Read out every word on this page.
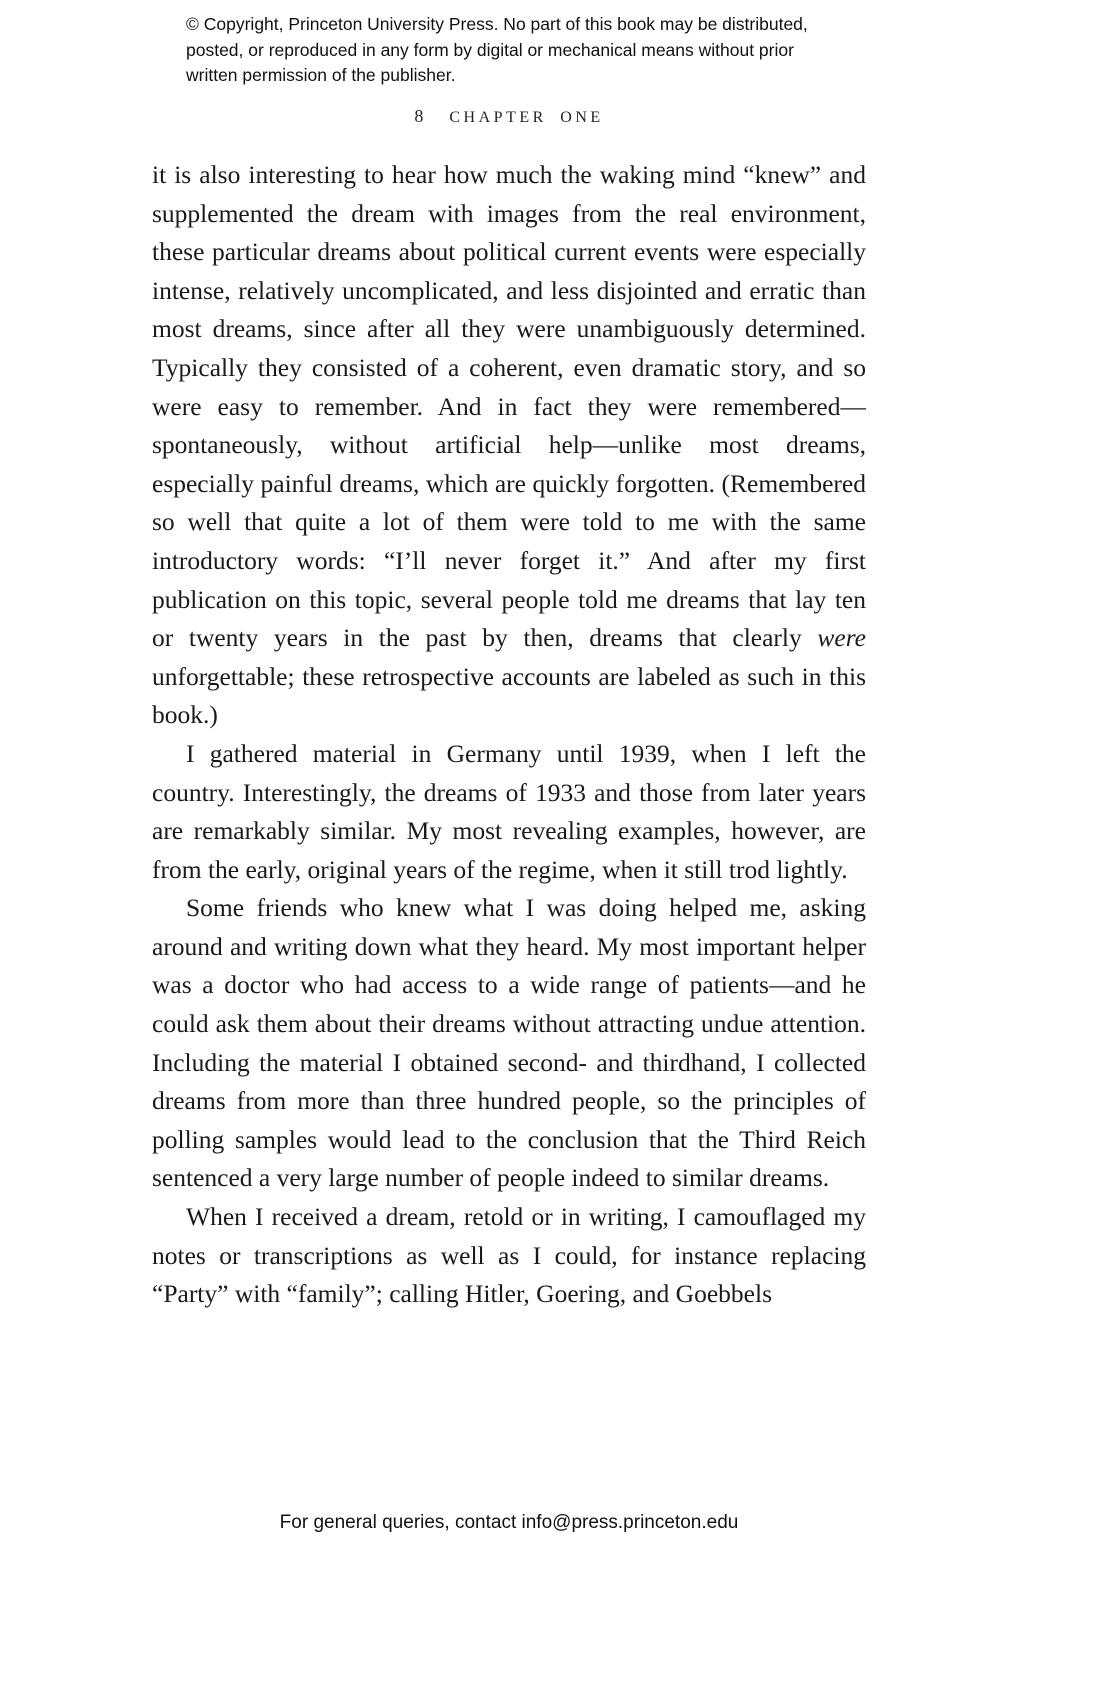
© Copyright, Princeton University Press. No part of this book may be distributed, posted, or reproduced in any form by digital or mechanical means without prior written permission of the publisher.
8 CHAPTER ONE

it is also interesting to hear how much the waking mind “knew” and supplemented the dream with images from the real environment, these particular dreams about political current events were especially intense, relatively uncomplicated, and less disjointed and erratic than most dreams, since after all they were unambiguously determined. Typically they consisted of a coherent, even dramatic story, and so were easy to remember. And in fact they were remembered—spontaneously, without artificial help—unlike most dreams, especially painful dreams, which are quickly forgotten. (Remembered so well that quite a lot of them were told to me with the same introductory words: “I’ll never forget it.” And after my first publication on this topic, several people told me dreams that lay ten or twenty years in the past by then, dreams that clearly were unforgettable; these retrospective accounts are labeled as such in this book.)

I gathered material in Germany until 1939, when I left the country. Interestingly, the dreams of 1933 and those from later years are remarkably similar. My most revealing examples, however, are from the early, original years of the regime, when it still trod lightly.

Some friends who knew what I was doing helped me, asking around and writing down what they heard. My most important helper was a doctor who had access to a wide range of patients—and he could ask them about their dreams without attracting undue attention. Including the material I obtained second- and thirdhand, I collected dreams from more than three hundred people, so the principles of polling samples would lead to the conclusion that the Third Reich sentenced a very large number of people indeed to similar dreams.

When I received a dream, retold or in writing, I camouflaged my notes or transcriptions as well as I could, for instance replacing “Party” with “family”; calling Hitler, Goering, and Goebbels

For general queries, contact info@press.princeton.edu
